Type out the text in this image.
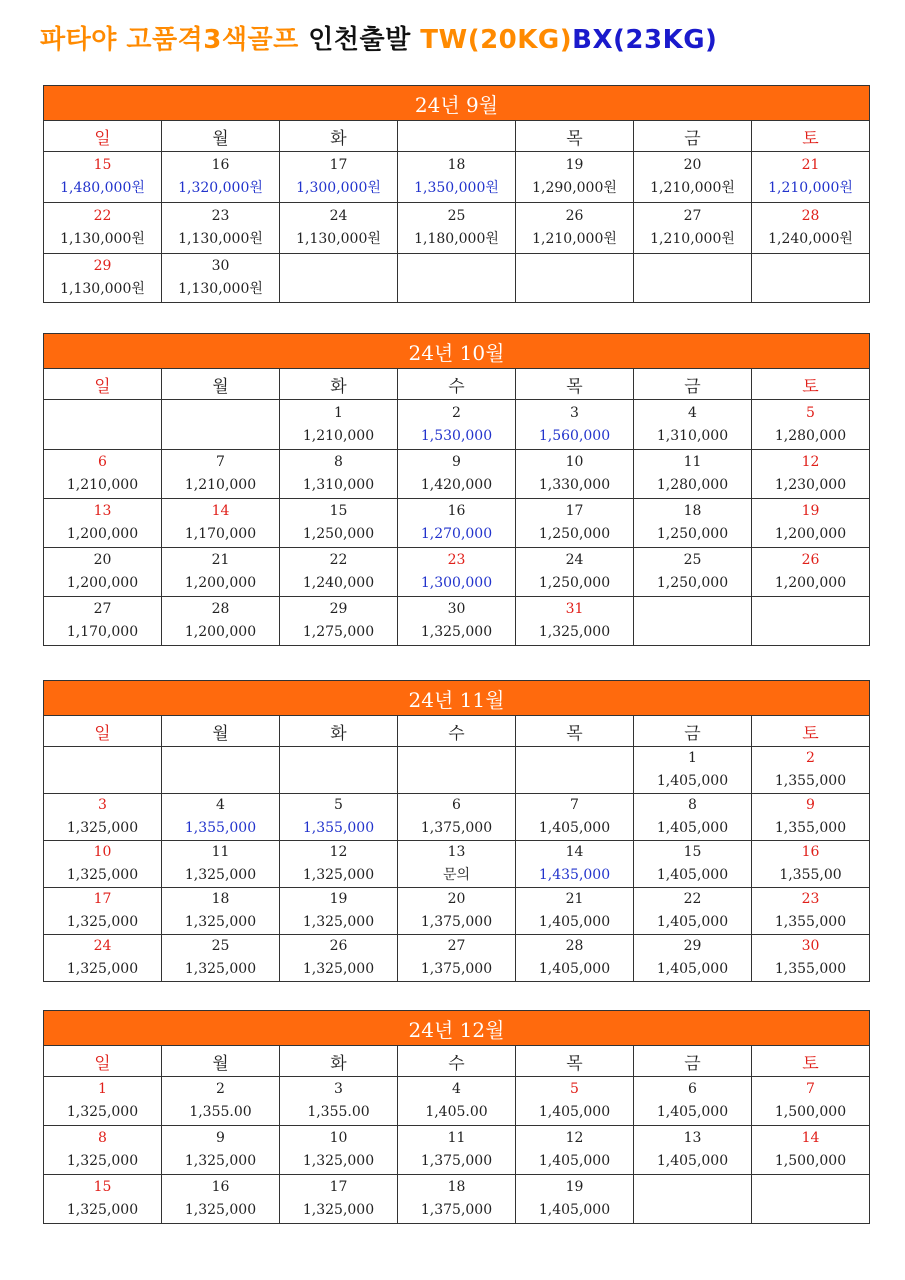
파타야 고품격3색골프 인천출발 TW(20KG)BX(23KG)
24년 9월						
일	월	화		목	금	토

15
1,480,000원	16
1,320,000원	17
1,300,000원	18
1,350,000원	19
1,290,000원	20
1,210,000원	21
1,210,000원

22
1,130,000원	23
1,130,000원	24
1,130,000원	25
1,180,000원	26
1,210,000원	27
1,210,000원	28
1,240,000원

29
1,130,000원	30
1,130,000원					

24년 10월						
일	월	화	수	목	금	토

		1
1,210,000	2
1,530,000	3
1,560,000	4
1,310,000	5
1,280,000

6
1,210,000	7
1,210,000	8
1,310,000	9
1,420,000	10
1,330,000	11
1,280,000	12
1,230,000

13
1,200,000	14
1,170,000	15
1,250,000	16
1,270,000	17
1,250,000	18
1,250,000	19
1,200,000

20
1,200,000	21
1,200,000	22
1,240,000	23
1,300,000	24
1,250,000	25
1,250,000	26
1,200,000

27
1,170,000	28
1,200,000	29
1,275,000	30
1,325,000	31
1,325,000		

24년 11월						
일	월	화	수	목	금	토

					1
1,405,000	2
1,355,000

3
1,325,000	4
1,355,000	5
1,355,000	6
1,375,000	7
1,405,000	8
1,405,000	9
1,355,000

10
1,325,000	11
1,325,000	12
1,325,000	13
문의	14
1,435,000	15
1,405,000	16
1,355,00

17
1,325,000	18
1,325,000	19
1,325,000	20
1,375,000	21
1,405,000	22
1,405,000	23
1,355,000

24
1,325,000	25
1,325,000	26
1,325,000	27
1,375,000	28
1,405,000	29
1,405,000	30
1,355,000
24년 12월						
일	월	화	수	목	금	토

1
1,325,000	2
1,355.00	3
1,355.00	4
1,405.00	5
1,405,000	6
1,405,000	7
1,500,000

8
1,325,000	9
1,325,000	10
1,325,000	11
1,375,000	12
1,405,000	13
1,405,000	14
1,500,000

15
1,325,000	16
1,325,000	17
1,325,000	18
1,375,000	19
1,405,000		
